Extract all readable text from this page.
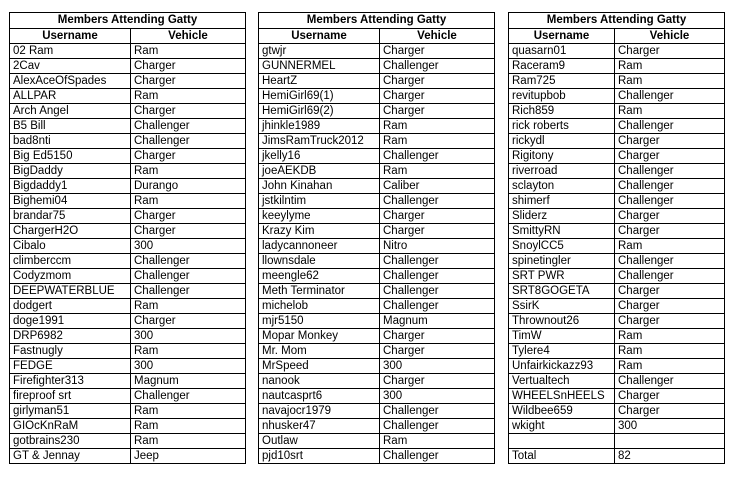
Members Attending Gatty
Username	Vehicle
02 Ram	Ram
2Cav	Charger
AlexAceOfSpades	Charger
ALLPAR	Ram
Arch Angel	Charger
B5 Bill	Challenger
bad8nti	Challenger
Big Ed5150	Charger
BigDaddy	Ram
Bigdaddy1	Durango
Bighemi04	Ram
brandar75	Charger
ChargerH2O	Charger
Cibalo	300
climberccm	Challenger
Codyzmom	Challenger
DEEPWATERBLUE	Challenger
dodgert	Ram
doge1991	Charger
DRP6982	300
Fastnugly	Ram
FEDGE	300
Firefighter313	Magnum
fireproof srt	Challenger
girlyman51	Ram
GIOcKnRaM	Ram
gotbrains230	Ram
GT & Jennay	Jeep
Members Attending Gatty
Username	Vehicle
gtwjr	Charger
GUNNERMEL	Challenger
HeartZ	Charger
HemiGirl69(1)	Charger
HemiGirl69(2)	Charger
jhinkle1989	Ram
JimsRamTruck2012	Ram
jkelly16	Challenger
joeAEKDB	Ram
John Kinahan	Caliber
jstkilntim	Challenger
keeylyme	Charger
Krazy Kim	Charger
ladycannoneer	Nitro
llownsdale	Challenger
meengle62	Challenger
Meth Terminator	Challenger
michelob	Challenger
mjr5150	Magnum
Mopar Monkey	Charger
Mr. Mom	Charger
MrSpeed	300
nanook	Charger
nautcasprt6	300
navajocr1979	Challenger
nhusker47	Challenger
Outlaw	Ram
pjd10srt	Challenger
Members Attending Gatty
Username	Vehicle
quasarn01	Charger
Raceram9	Ram
Ram725	Ram
revitupbob	Challenger
Rich859	Ram
rick roberts	Challenger
rickydl	Charger
Rigitony	Charger
riverroad	Challenger
sclayton	Challenger
shimerf	Challenger
Sliderz	Charger
SmittyRN	Charger
SnoylCC5	Ram
spinetingler	Challenger
SRT PWR	Challenger
SRT8GOGETA	Charger
SsirK	Charger
Thrownout26	Charger
TimW	Ram
Tylere4	Ram
Unfairkickazz93	Ram
Vertualtech	Challenger
WHEELSnHEELS	Charger
Wildbee659	Charger
wkight	300

Total	82
